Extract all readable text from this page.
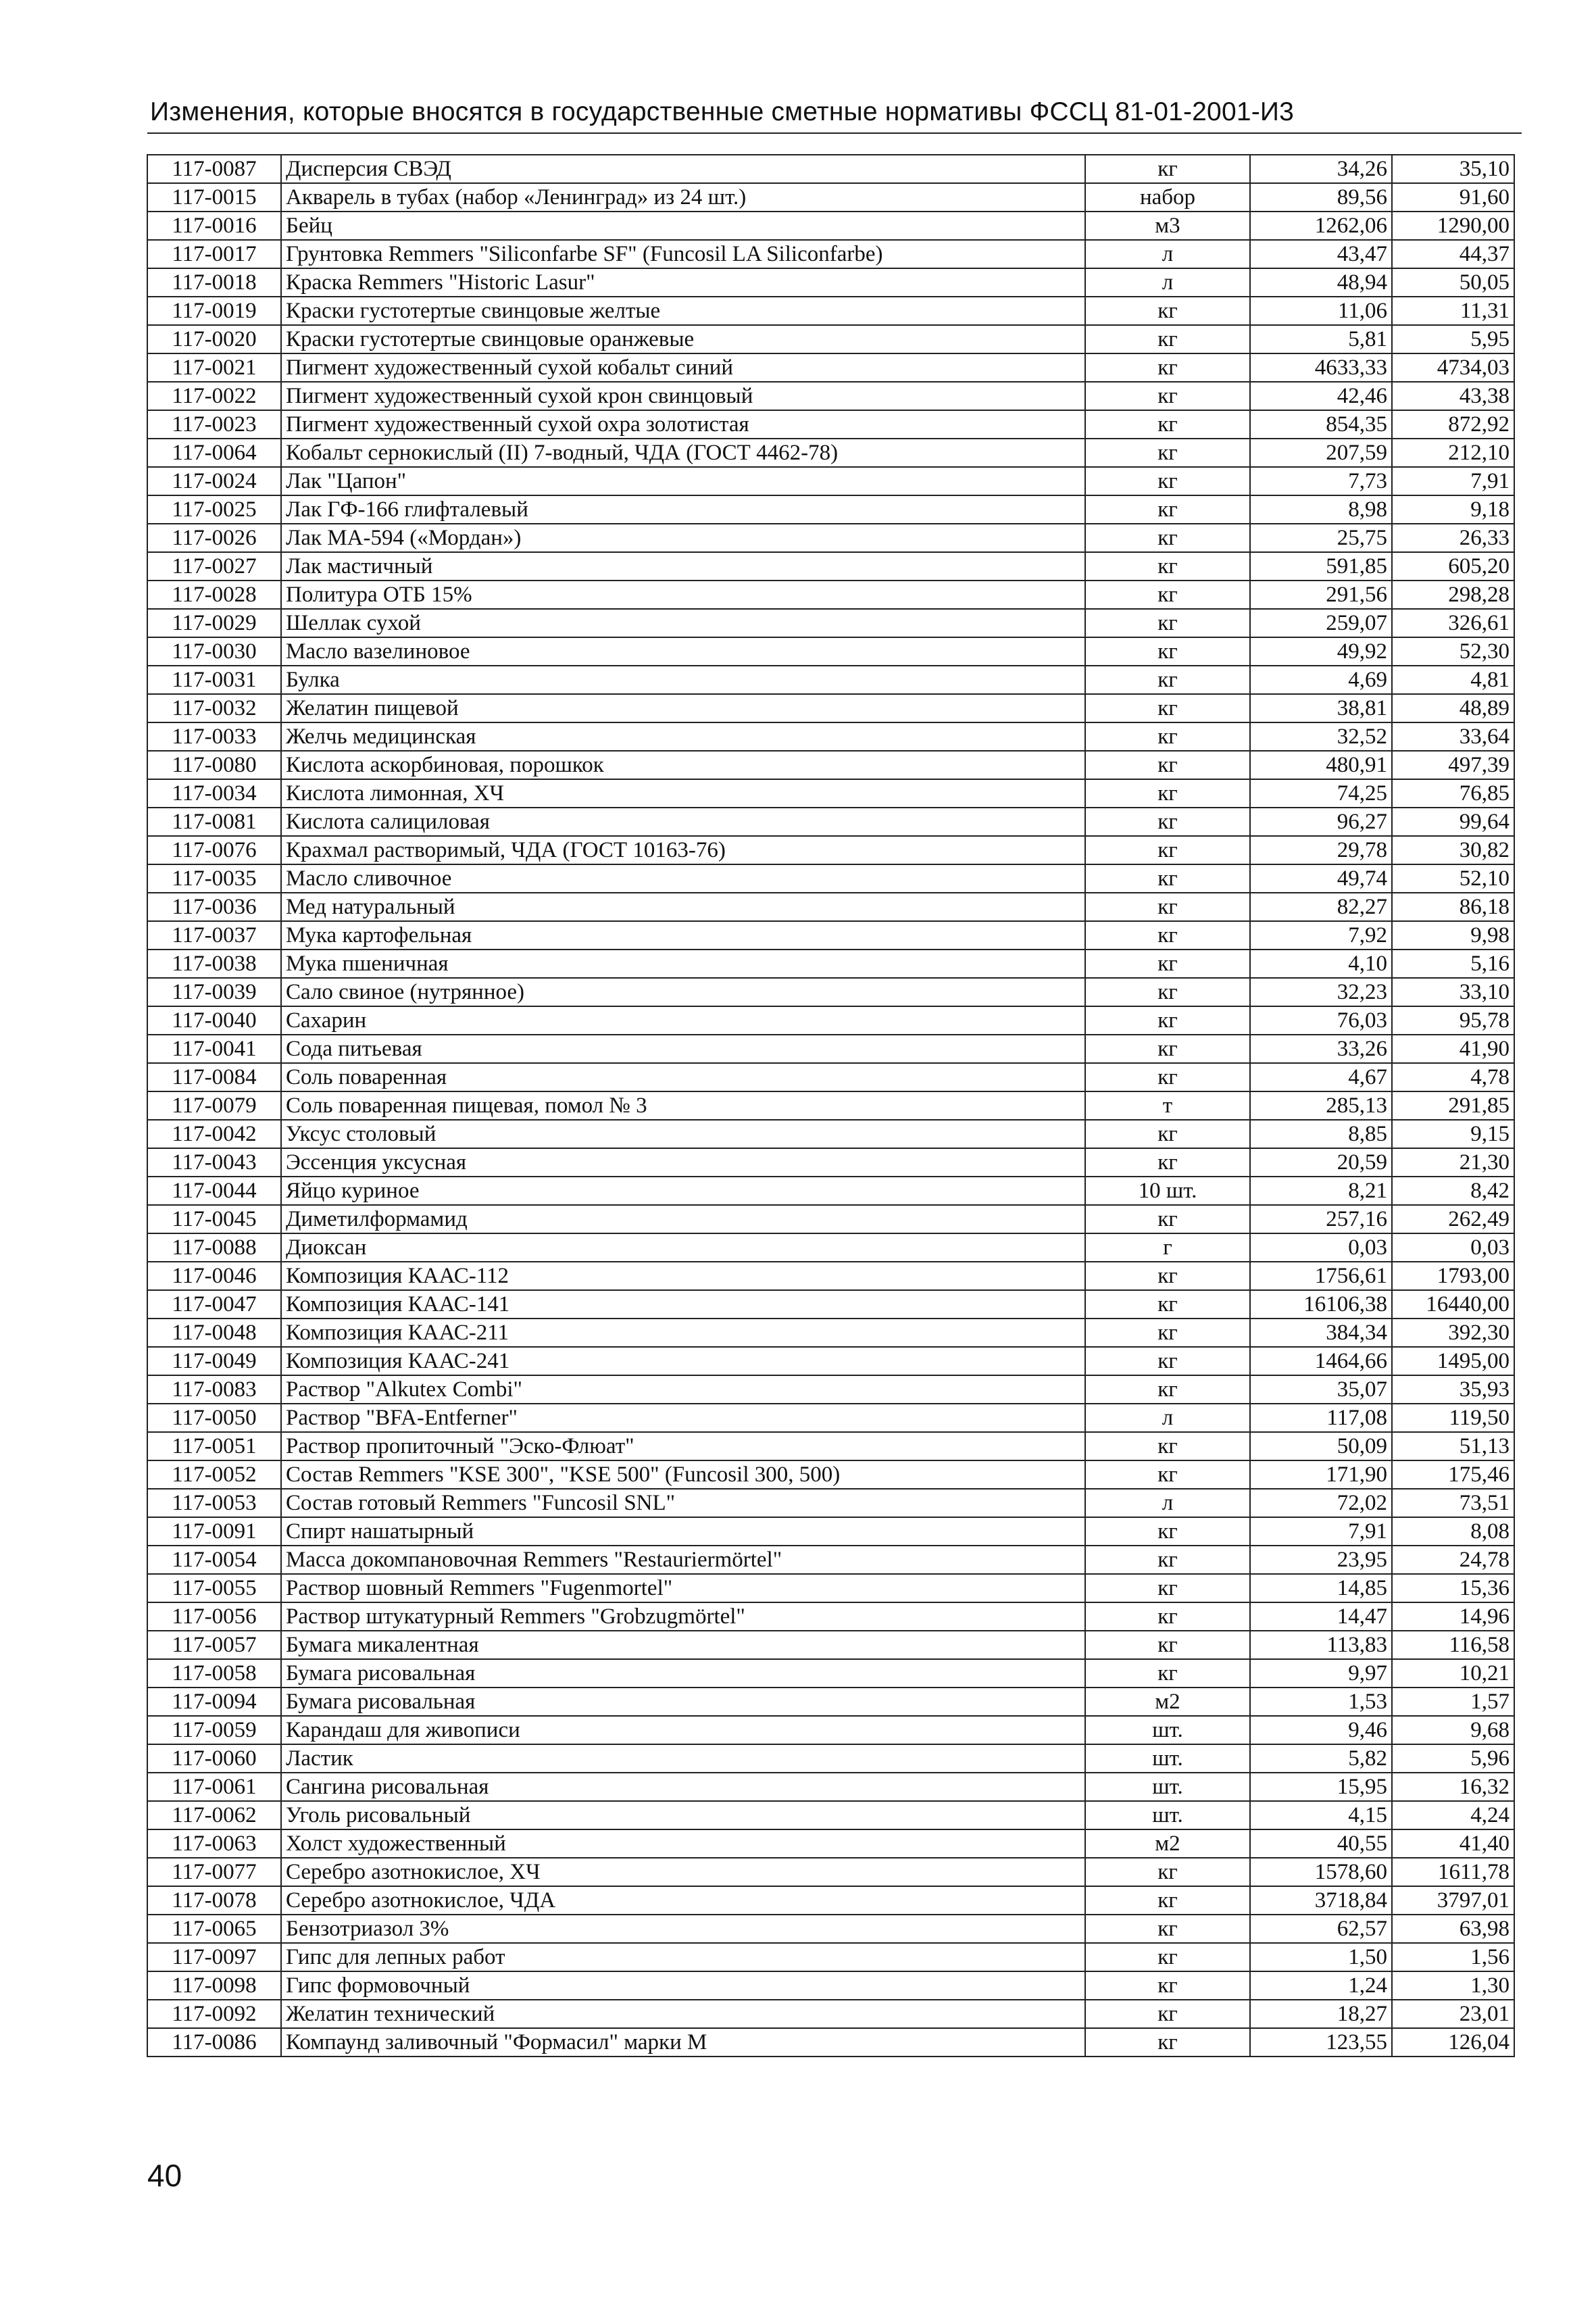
Изменения, которые вносятся в государственные сметные нормативы ФССЦ 81-01-2001-И3
117-0087	Дисперсия СВЭД	кг	34,26	35,10
117-0015	Акварель в тубах (набор «Ленинград» из 24 шт.)	набор	89,56	91,60
117-0016	Бейц	м3	1262,06	1290,00
117-0017	Грунтовка Remmers "Siliconfarbe SF" (Funcosil LA Siliconfarbe)	л	43,47	44,37
117-0018	Краска Remmers "Historic Lasur"	л	48,94	50,05
117-0019	Краски густотертые свинцовые желтые	кг	11,06	11,31
117-0020	Краски густотертые свинцовые оранжевые	кг	5,81	5,95
117-0021	Пигмент художественный сухой кобальт синий	кг	4633,33	4734,03
117-0022	Пигмент художественный сухой крон свинцовый	кг	42,46	43,38
117-0023	Пигмент художественный сухой охра золотистая	кг	854,35	872,92
117-0064	Кобальт сернокислый (II) 7-водный, ЧДА (ГОСТ 4462-78)	кг	207,59	212,10
117-0024	Лак "Цапон"	кг	7,73	7,91
117-0025	Лак ГФ-166 глифталевый	кг	8,98	9,18
117-0026	Лак МА-594 («Мордан»)	кг	25,75	26,33
117-0027	Лак мастичный	кг	591,85	605,20
117-0028	Политура ОТБ 15%	кг	291,56	298,28
117-0029	Шеллак сухой	кг	259,07	326,61
117-0030	Масло вазелиновое	кг	49,92	52,30
117-0031	Булка	кг	4,69	4,81
117-0032	Желатин пищевой	кг	38,81	48,89
117-0033	Желчь медицинская	кг	32,52	33,64
117-0080	Кислота аскорбиновая, порошкок	кг	480,91	497,39
117-0034	Кислота лимонная, ХЧ	кг	74,25	76,85
117-0081	Кислота салициловая	кг	96,27	99,64
117-0076	Крахмал растворимый, ЧДА (ГОСТ 10163-76)	кг	29,78	30,82
117-0035	Масло сливочное	кг	49,74	52,10
117-0036	Мед натуральный	кг	82,27	86,18
117-0037	Мука картофельная	кг	7,92	9,98
117-0038	Мука пшеничная	кг	4,10	5,16
117-0039	Сало свиное (нутрянное)	кг	32,23	33,10
117-0040	Сахарин	кг	76,03	95,78
117-0041	Сода питьевая	кг	33,26	41,90
117-0084	Соль поваренная	кг	4,67	4,78
117-0079	Соль поваренная пищевая, помол № 3	т	285,13	291,85
117-0042	Уксус столовый	кг	8,85	9,15
117-0043	Эссенция уксусная	кг	20,59	21,30
117-0044	Яйцо куриное	10 шт.	8,21	8,42
117-0045	Диметилформамид	кг	257,16	262,49
117-0088	Диоксан	г	0,03	0,03
117-0046	Композиция КААС-112	кг	1756,61	1793,00
117-0047	Композиция КААС-141	кг	16106,38	16440,00
117-0048	Композиция КААС-211	кг	384,34	392,30
117-0049	Композиция КААС-241	кг	1464,66	1495,00
117-0083	Раствор "Alkutex Combi"	кг	35,07	35,93
117-0050	Раствор "BFA-Entferner"	л	117,08	119,50
117-0051	Раствор пропиточный "Эско-Флюат"	кг	50,09	51,13
117-0052	Состав Remmers "KSE 300", "KSE 500" (Funcosil 300, 500)	кг	171,90	175,46
117-0053	Состав готовый Remmers "Funcosil SNL"	л	72,02	73,51
117-0091	Спирт нашатырный	кг	7,91	8,08
117-0054	Масса докомпановочная Remmers "Restauriermörtel"	кг	23,95	24,78
117-0055	Раствор шовный Remmers "Fugenmortel"	кг	14,85	15,36
117-0056	Раствор штукатурный Remmers "Grobzugmörtel"	кг	14,47	14,96
117-0057	Бумага микалентная	кг	113,83	116,58
117-0058	Бумага рисовальная	кг	9,97	10,21
117-0094	Бумага рисовальная	м2	1,53	1,57
117-0059	Карандаш для живописи	шт.	9,46	9,68
117-0060	Ластик	шт.	5,82	5,96
117-0061	Сангина рисовальная	шт.	15,95	16,32
117-0062	Уголь рисовальный	шт.	4,15	4,24
117-0063	Холст художественный	м2	40,55	41,40
117-0077	Серебро азотнокислое, ХЧ	кг	1578,60	1611,78
117-0078	Серебро азотнокислое, ЧДА	кг	3718,84	3797,01
117-0065	Бензотриазол 3%	кг	62,57	63,98
117-0097	Гипс для лепных работ	кг	1,50	1,56
117-0098	Гипс формовочный	кг	1,24	1,30
117-0092	Желатин технический	кг	18,27	23,01
117-0086	Компаунд заливочный "Формасил" марки М	кг	123,55	126,04
40
